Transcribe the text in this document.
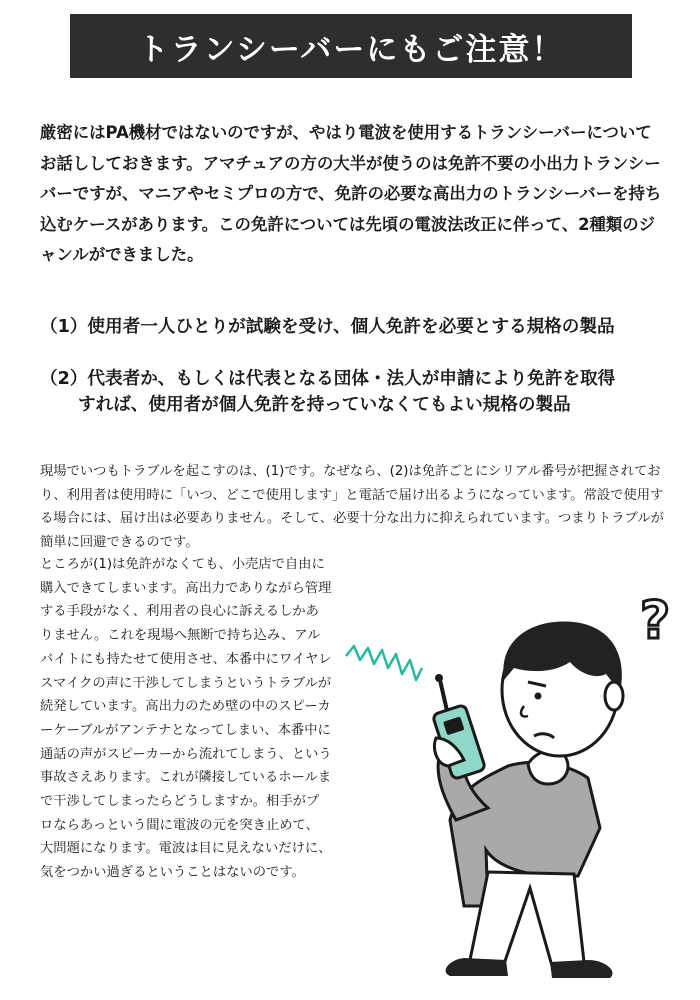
トランシーバーにもご注意！

厳密にはPA機材ではないのですが、やはり電波を使用するトランシーバーについてお話ししておきます。アマチュアの方の大半が使うのは免許不要の小出力トランシーバーですが、マニアやセミプロの方で、免許の必要な高出力のトランシーバーを持ち込むケースがあります。この免許については先頃の電波法改正に伴って、2種類のジャンルができました。

（1）使用者一人ひとりが試験を受け、個人免許を必要とする規格の製品

（2）代表者か、もしくは代表となる団体・法人が申請により免許を取得
すれば、使用者が個人免許を持っていなくてもよい規格の製品

現場でいつもトラブルを起こすのは、(1)です。なぜなら、(2)は免許ごとにシリアル番号が把握されており、利用者は使用時に「いつ、どこで使用します」と電話で届け出るようになっています。常設で使用する場合には、届け出は必要ありません。そして、必要十分な出力に抑えられています。つまりトラブルが簡単に回避できるのです。

ところが(1)は免許がなくても、小売店で自由に購入できてしまいます。高出力でありながら管理する手段がなく、利用者の良心に訴えるしかありません。これを現場へ無断で持ち込み、アルバイトにも持たせて使用させ、本番中にワイヤレスマイクの声に干渉してしまうというトラブルが続発しています。高出力のため壁の中のスピーカーケーブルがアンテナとなってしまい、本番中に通話の声がスピーカーから流れてしまう、という事故さえあります。これが隣接しているホールまで干渉してしまったらどうしますか。相手がプロならあっという間に電波の元を突き止めて、大問題になります。電波は目に見えないだけに、気をつかい過ぎるということはないのです。

?
